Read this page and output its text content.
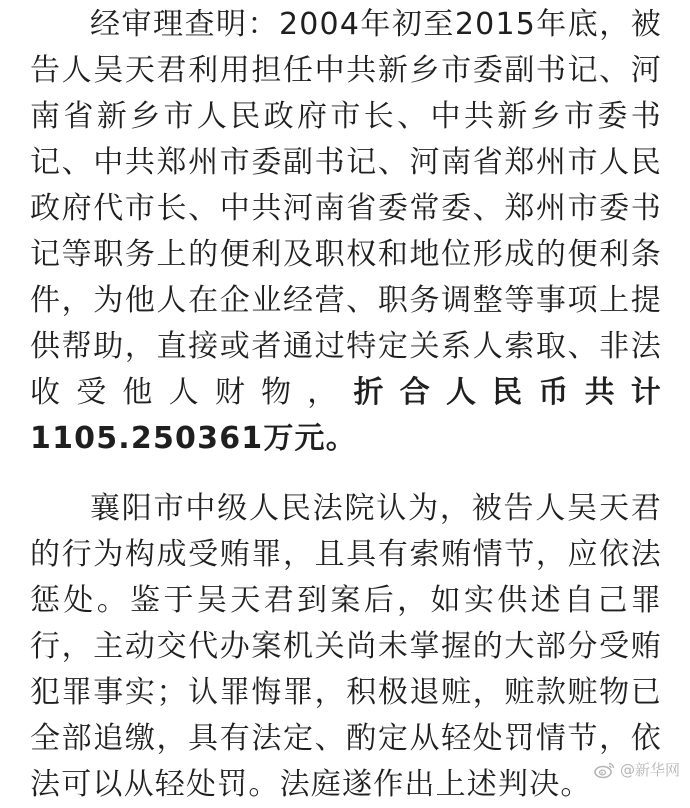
经审理查明：2004年初至2015年底，被告人吴天君利用担任中共新乡市委副书记、河南省新乡市人民政府市长、中共新乡市委书记、中共郑州市委副书记、河南省郑州市人民政府代市长、中共河南省委常委、郑州市委书记等职务上的便利及职权和地位形成的便利条件，为他人在企业经营、职务调整等事项上提供帮助，直接或者通过特定关系人索取、非法收受他人财物，折合人民币共计1105.250361万元。

襄阳市中级人民法院认为，被告人吴天君的行为构成受贿罪，且具有索贿情节，应依法惩处。鉴于吴天君到案后，如实供述自己罪行，主动交代办案机关尚未掌握的大部分受贿犯罪事实；认罪悔罪，积极退赃，赃款赃物已全部追缴，具有法定、酌定从轻处罚情节，依法可以从轻处罚。法庭遂作出上述判决。	@新华网
